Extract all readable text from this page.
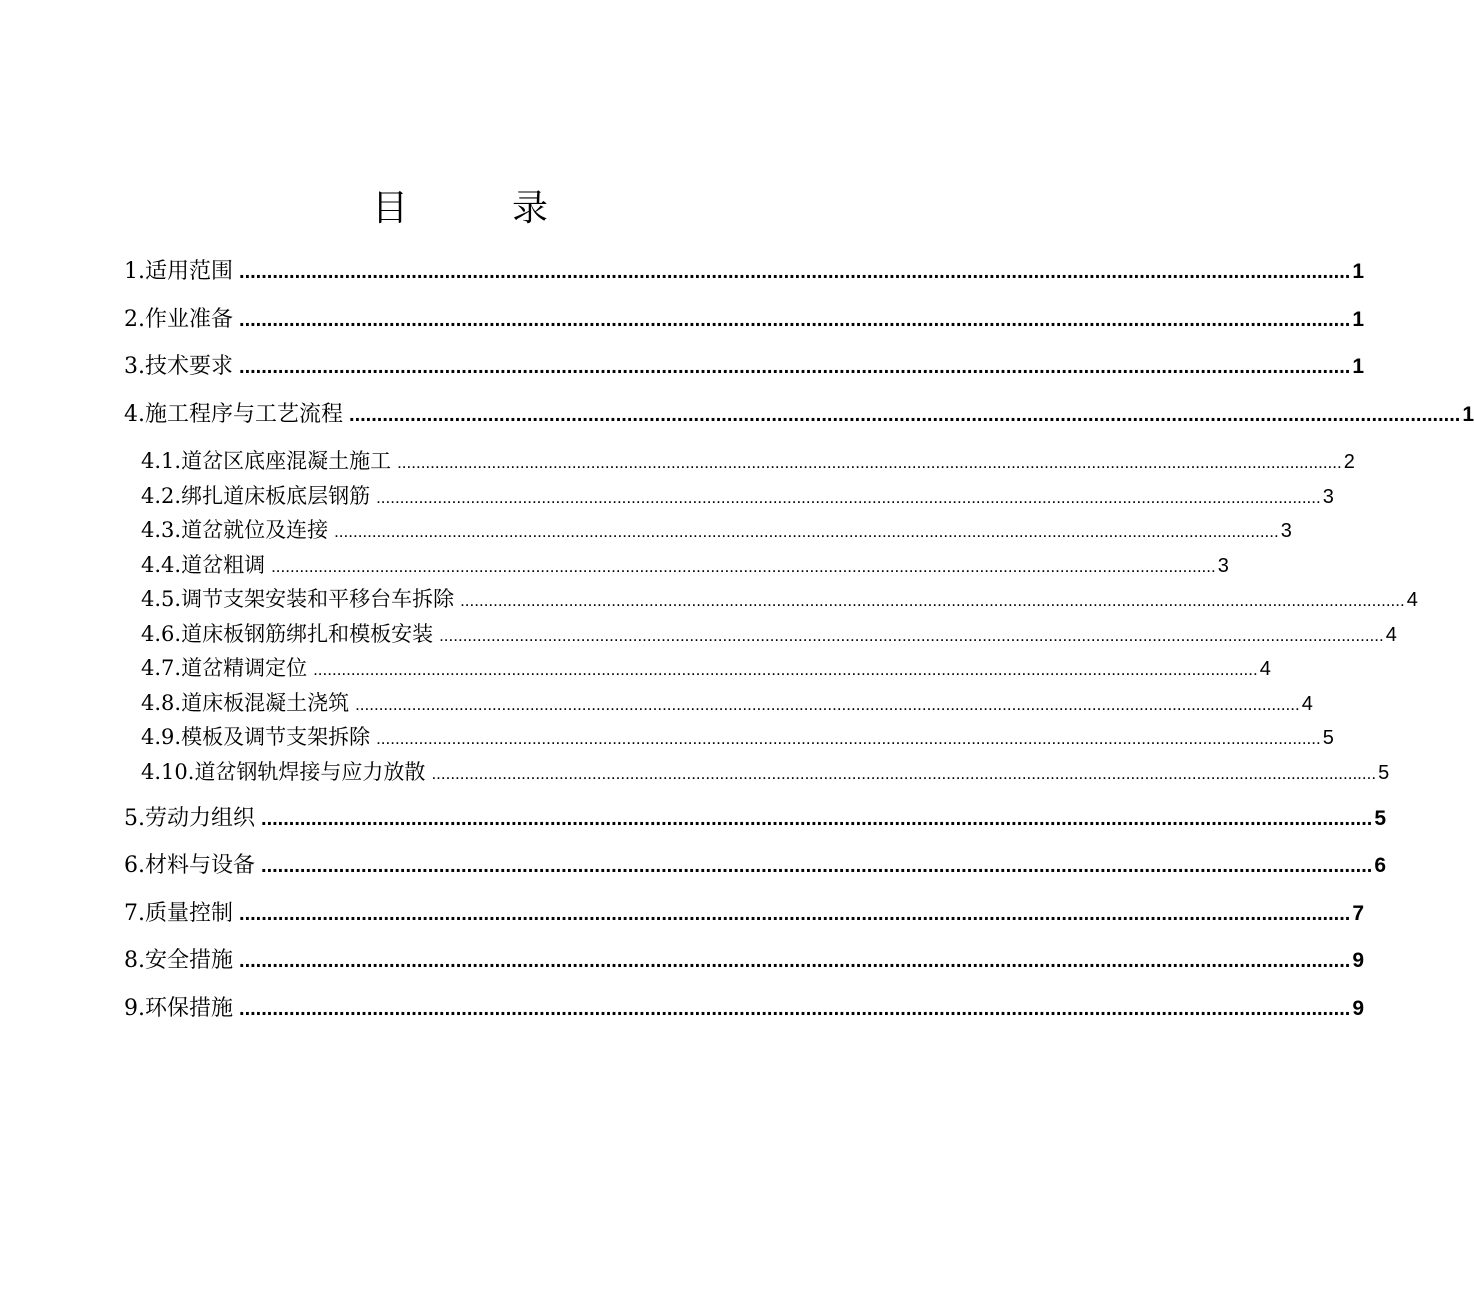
目　录
1. 适用范围 ........................................................................................................................................................................................................ 1
2. 作业准备 ........................................................................................................................................................................................................ 1
3. 技术要求 ........................................................................................................................................................................................................ 1
4. 施工程序与工艺流程 ........................................................................................................................................................................................................ 1
4.1. 道岔区底座混凝土施工 ........................................................................................................................................................................................................ 2
4.2. 绑扎道床板底层钢筋 ........................................................................................................................................................................................................ 3
4.3. 道岔就位及连接 ........................................................................................................................................................................................................ 3
4.4. 道岔粗调 ........................................................................................................................................................................................................ 3
4.5. 调节支架安装和平移台车拆除 ........................................................................................................................................................................................................ 4
4.6. 道床板钢筋绑扎和模板安装 ........................................................................................................................................................................................................ 4
4.7. 道岔精调定位 ........................................................................................................................................................................................................ 4
4.8. 道床板混凝土浇筑 ........................................................................................................................................................................................................ 4
4.9. 模板及调节支架拆除 ........................................................................................................................................................................................................ 5
4.10. 道岔钢轨焊接与应力放散 ........................................................................................................................................................................................................ 5
5. 劳动力组织 ........................................................................................................................................................................................................ 5
6. 材料与设备 ........................................................................................................................................................................................................ 6
7. 质量控制 ........................................................................................................................................................................................................ 7
8. 安全措施 ........................................................................................................................................................................................................ 9
9. 环保措施 ........................................................................................................................................................................................................ 9
